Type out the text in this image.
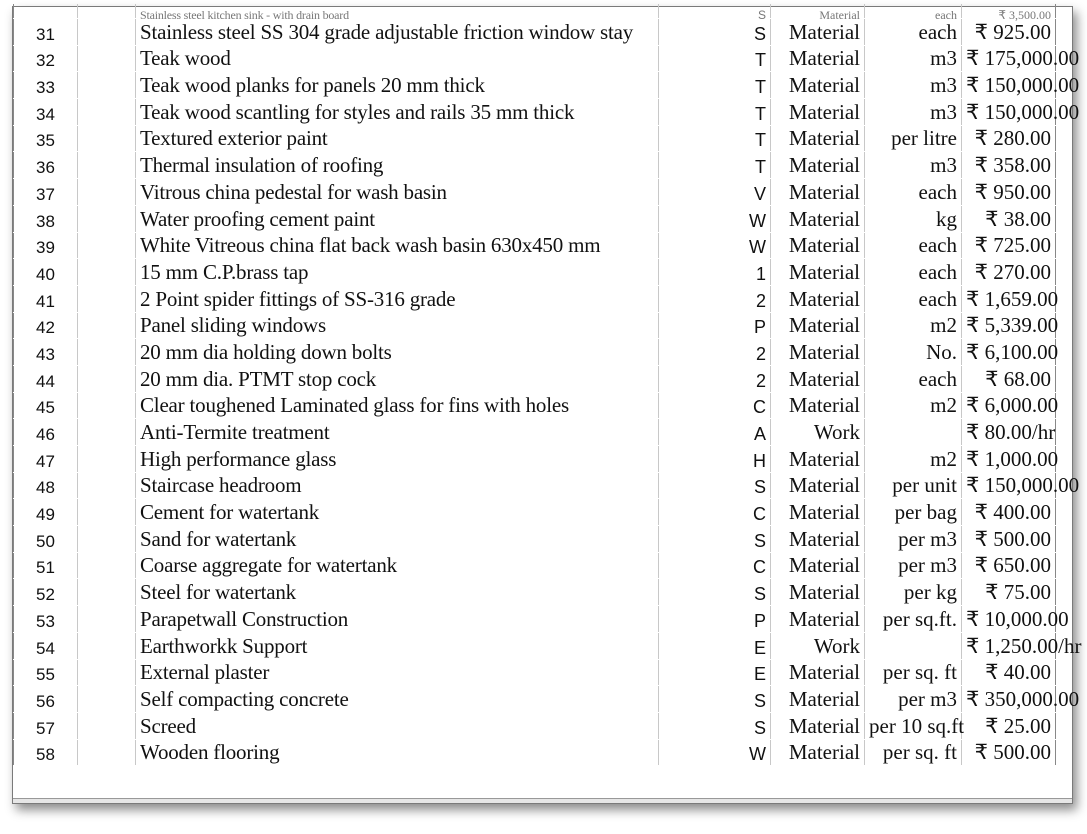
		Stainless steel kitchen sink - with drain board	S	Material	each	₹ 3,500.00
31		Stainless steel SS 304 grade adjustable friction window stay	S	Material	each	₹ 925.00
32		Teak wood	T	Material	m3	₹ 175,000.00
33		Teak wood planks for panels 20 mm thick	T	Material	m3	₹ 150,000.00
34		Teak wood scantling for styles and rails 35 mm thick	T	Material	m3	₹ 150,000.00
35		Textured exterior paint	T	Material	per litre	₹ 280.00
36		Thermal insulation of roofing	T	Material	m3	₹ 358.00
37		Vitrous china pedestal for wash basin	V	Material	each	₹ 950.00
38		Water proofing cement paint	W	Material	kg	₹ 38.00
39		White Vitreous china flat back wash basin 630x450 mm	W	Material	each	₹ 725.00
40		15 mm C.P.brass tap	1	Material	each	₹ 270.00
41		2 Point spider fittings of SS-316 grade	2	Material	each	₹ 1,659.00
42		Panel sliding windows	P	Material	m2	₹ 5,339.00
43		20 mm dia holding down bolts	2	Material	No.	₹ 6,100.00
44		20 mm dia. PTMT stop cock	2	Material	each	₹ 68.00
45		Clear toughened Laminated glass for fins with holes	C	Material	m2	₹ 6,000.00
46		Anti-Termite treatment	A	Work		₹ 80.00/hr
47		High performance glass	H	Material	m2	₹ 1,000.00
48		Staircase headroom	S	Material	per unit	₹ 150,000.00
49		Cement for watertank	C	Material	per bag	₹ 400.00
50		Sand for watertank	S	Material	per m3	₹ 500.00
51		Coarse aggregate for watertank	C	Material	per m3	₹ 650.00
52		Steel for watertank	S	Material	per kg	₹ 75.00
53		Parapetwall Construction	P	Material	per sq.ft.	₹ 10,000.00
54		Earthworkk Support	E	Work		₹ 1,250.00/hr
55		External plaster	E	Material	per sq. ft	₹ 40.00
56		Self compacting concrete	S	Material	per m3	₹ 350,000.00
57		Screed	S	Material	per 10 sq.ft	₹ 25.00
58		Wooden flooring	W	Material	per sq. ft	₹ 500.00
